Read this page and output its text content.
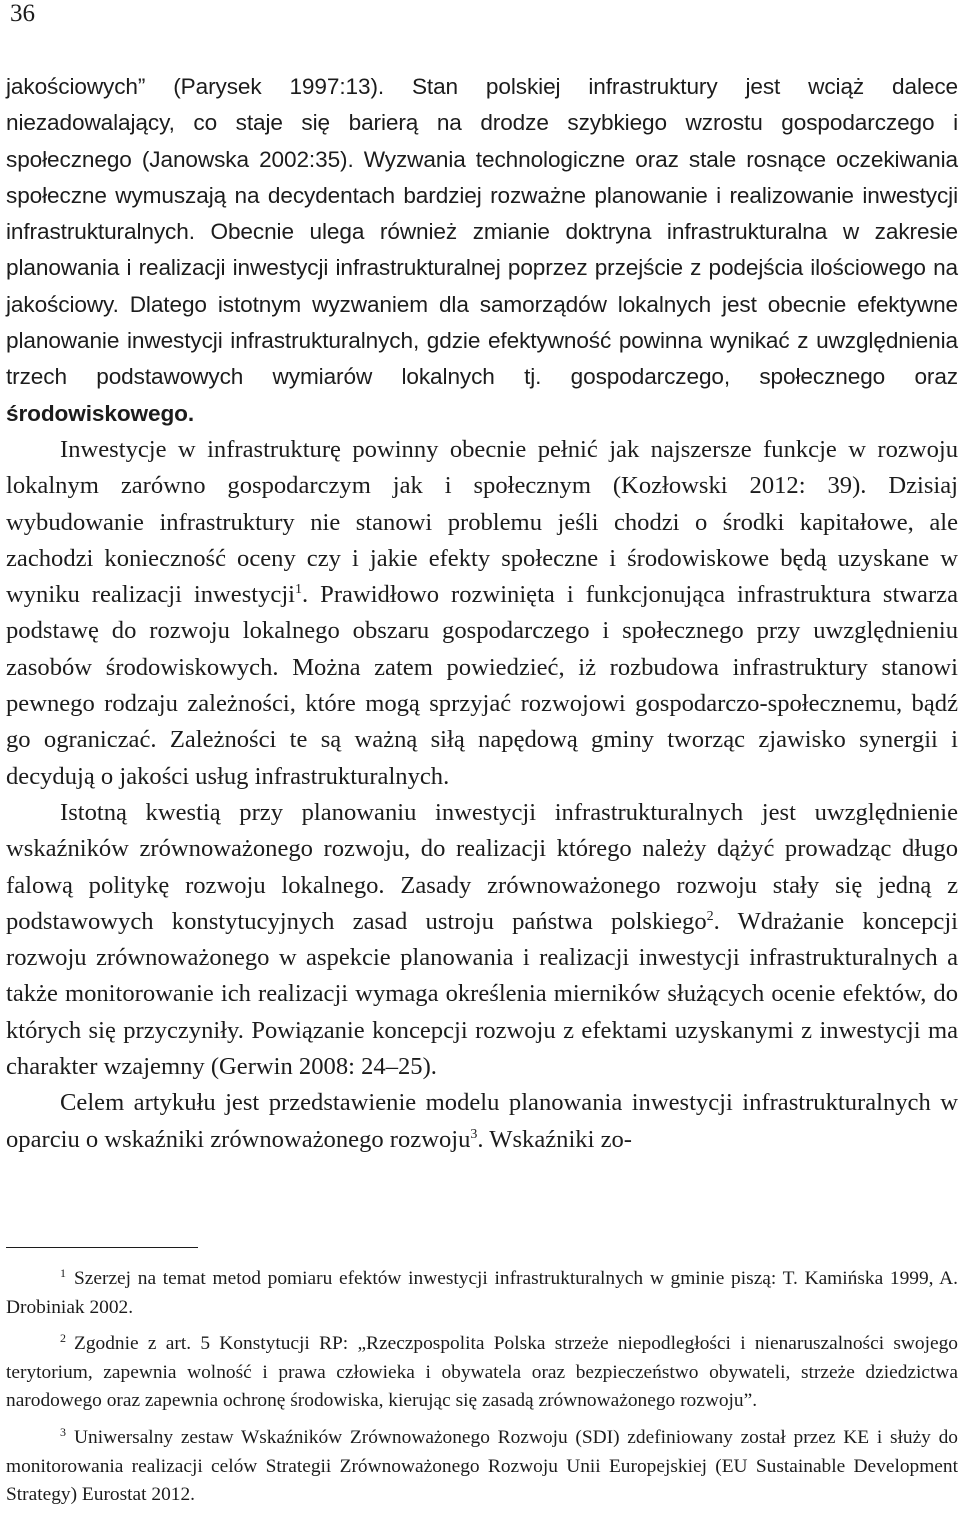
36

jakościowych” (Parysek 1997:13). Stan polskiej infrastruktury jest wciąż dalece niezadowalający, co staje się barierą na drodze szybkiego wzrostu gospodarczego i społecznego (Janowska 2002:35). Wyzwania technologiczne oraz stale rosnące oczekiwania społeczne wymuszają na decydentach bardziej rozważne planowanie i realizowanie inwestycji infrastrukturalnych. Obecnie ulega również zmianie doktryna infrastrukturalna w zakresie planowania i realizacji inwestycji infrastrukturalnej poprzez przejście z podejścia ilościowego na jakościowy. Dlatego istotnym wyzwaniem dla samorządów lokalnych jest obecnie efektywne planowanie inwestycji infrastrukturalnych, gdzie efektywność powinna wynikać z uwzględnienia trzech podstawowych wymiarów lokalnych tj. gospodarczego, społecznego oraz środowiskowego.

Inwestycje w infrastrukturę powinny obecnie pełnić jak najszersze funkcje w rozwoju lokalnym zarówno gospodarczym jak i społecznym (Kozłowski 2012: 39). Dzisiaj wybudowanie infrastruktury nie stanowi problemu jeśli chodzi o środki kapitałowe, ale zachodzi konieczność oceny czy i jakie efekty społeczne i środowiskowe będą uzyskane w wyniku realizacji inwestycji$^1$. Prawidłowo rozwinięta i funkcjonująca infrastruktura stwarza podstawę do rozwoju lokalnego obszaru gospodarczego i społecznego przy uwzględnieniu zasobów środowiskowych. Można zatem powiedzieć, iż rozbudowa infrastruktury stanowi pewnego rodzaju zależności, które mogą sprzyjać rozwojowi gospodarczo-społecznemu, bądź go ograniczać. Zależności te są ważną siłą napędową gminy tworząc zjawisko synergii i decydują o jakości usług infrastrukturalnych.

Istotną kwestią przy planowaniu inwestycji infrastrukturalnych jest uwzględnienie wskaźników zrównoważonego rozwoju, do realizacji którego należy dążyć prowadząc długo falową politykę rozwoju lokalnego. Zasady zrównoważonego rozwoju stały się jedną z podstawowych konstytucyjnych zasad ustroju państwa polskiego$^2$. Wdrażanie koncepcji rozwoju zrównoważonego w aspekcie planowania i realizacji inwestycji infrastrukturalnych a także monitorowanie ich realizacji wymaga określenia mierników służących ocenie efektów, do których się przyczyniły. Powiązanie koncepcji rozwoju z efektami uzyskanymi z inwestycji ma charakter wzajemny (Gerwin 2008: 24–25).

Celem artykułu jest przedstawienie modelu planowania inwestycji infrastrukturalnych w oparciu o wskaźniki zrównoważonego rozwoju$^3$. Wskaźniki zo-

$^1$ Szerzej na temat metod pomiaru efektów inwestycji infrastrukturalnych w gminie piszą: T. Kamińska 1999, A. Drobiniak 2002.

$^2$ Zgodnie z art. 5 Konstytucji RP: „Rzeczpospolita Polska strzeże niepodległości i nienaruszalności swojego terytorium, zapewnia wolność i prawa człowieka i obywatela oraz bezpieczeństwo obywateli, strzeże dziedzictwa narodowego oraz zapewnia ochronę środowiska, kierując się zasadą zrównoważonego rozwoju”.

$^3$ Uniwersalny zestaw Wskaźników Zrównoważonego Rozwoju (SDI) zdefiniowany został przez KE i służy do monitorowania realizacji celów Strategii Zrównoważonego Rozwoju Unii Europejskiej (EU Sustainable Development Strategy) Eurostat 2012.
